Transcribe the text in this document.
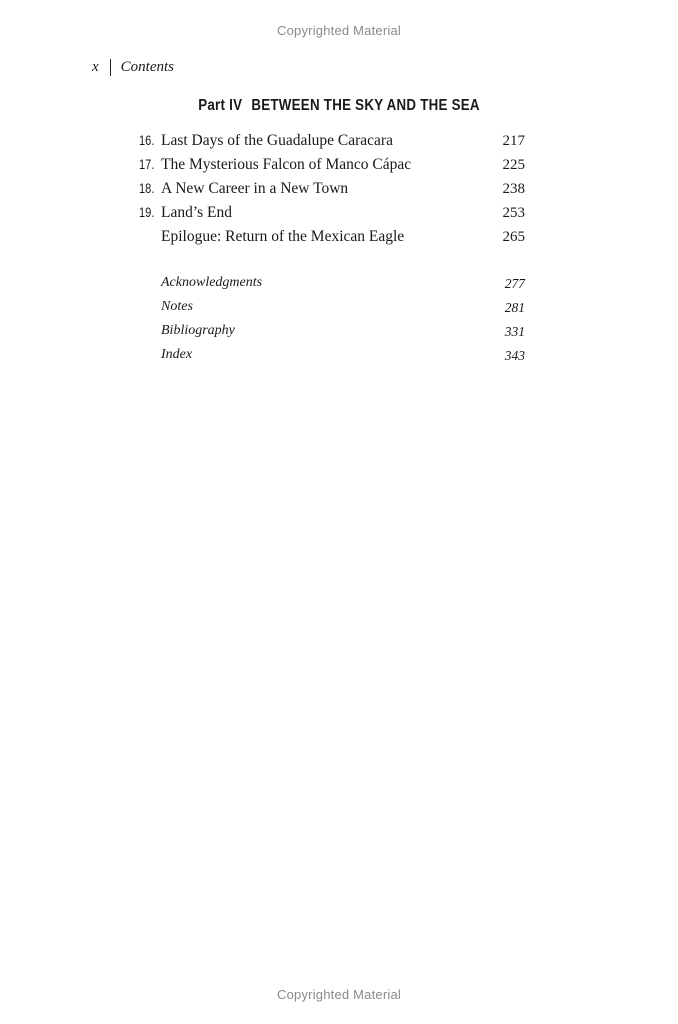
Copyrighted Material
x Contents
Part IV BETWEEN THE SKY AND THE SEA
16. Last Days of the Guadalupe Caracara	217
17. The Mysterious Falcon of Manco Cápac	225
18. A New Career in a New Town	238
19. Land’s End	253
Epilogue: Return of the Mexican Eagle	265
Acknowledgments	277
Notes	281
Bibliography	331
Index	343
Copyrighted Material
